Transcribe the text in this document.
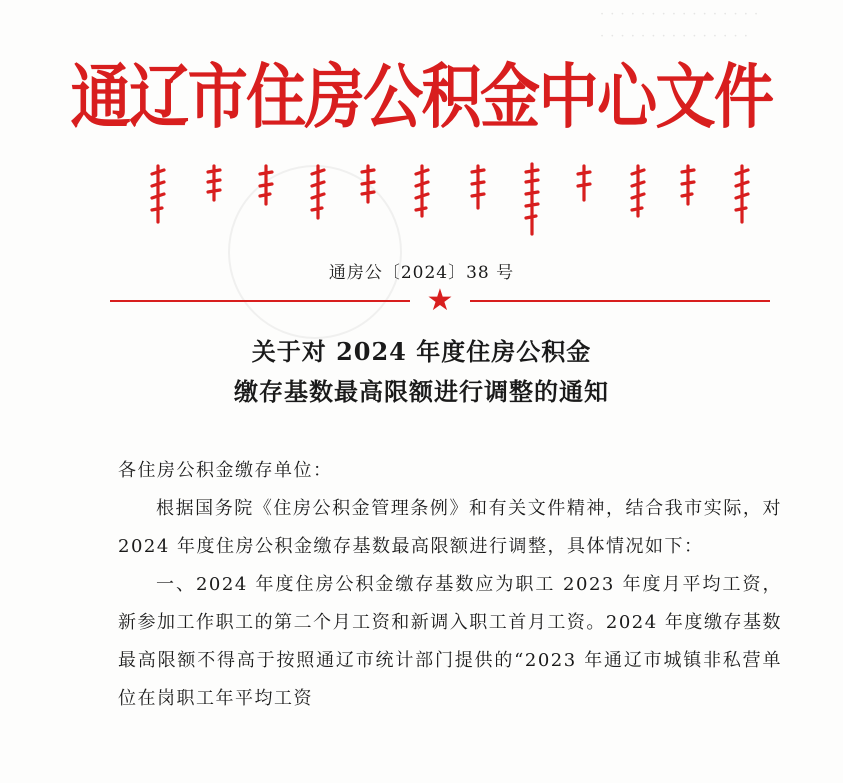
· · · · · · · · · · · · · · · ·
· · · · · · · · · · · · · · ·
通辽市住房公积金中心文件
通房公〔2024〕38 号
★
关于对 2024 年度住房公积金
缴存基数最高限额进行调整的通知

各住房公积金缴存单位：

根据国务院《住房公积金管理条例》和有关文件精神，结合我市实际，对 2024 年度住房公积金缴存基数最高限额进行调整，具体情况如下：

一、2024 年度住房公积金缴存基数应为职工 2023 年度月平均工资，新参加工作职工的第二个月工资和新调入职工首月工资。2024 年度缴存基数最高限额不得高于按照通辽市统计部门提供的“2023 年通辽市城镇非私营单位在岗职工年平均工资
